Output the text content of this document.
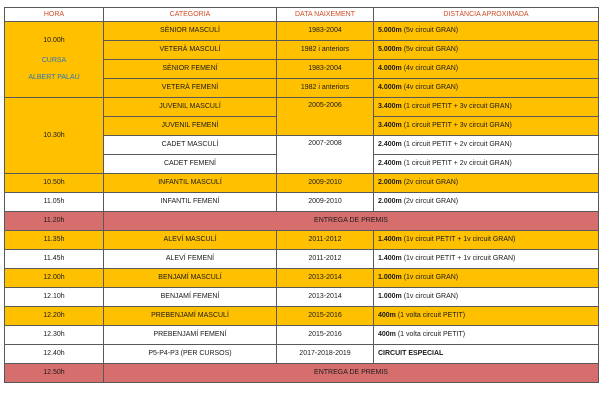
HORA	CATEGORIA	DATA NAIXEMENT	DISTÀNCIA APROXIMADA

10.00h
CURSA
ALBERT PALAU	SÈNIOR MASCULÍ	1983-2004	5.000m (5v circuit GRAN)
	VETERÀ MASCULÍ	1982 i anteriors	5.000m (5v circuit GRAN)
	SÈNIOR FEMENÍ	1983-2004	4.000m (4v circuit GRAN)
	VETERÀ FEMENÍ	1982 i anteriors	4.000m (4v circuit GRAN)
10.30h	JUVENIL MASCULÍ	2005-2006	3.400m (1 circuit PETIT + 3v circuit GRAN)
	JUVENIL FEMENÍ		3.400m (1 circuit PETIT + 3v circuit GRAN)
	CADET MASCULÍ	2007-2008	2.400m (1 circuit PETIT + 2v circuit GRAN)
	CADET FEMENÍ		2.400m (1 circuit PETIT + 2v circuit GRAN)
10.50h	INFANTIL MASCULÍ	2009-2010	2.000m (2v circuit GRAN)
11.05h	INFANTIL FEMENÍ	2009-2010	2.000m (2v circuit GRAN)
11.20h	ENTREGA DE PREMIS		
11.35h	ALEVÍ MASCULÍ	2011-2012	1.400m (1v circuit PETIT + 1v circuit GRAN)
11.45h	ALEVÍ FEMENÍ	2011-2012	1.400m (1v circuit PETIT + 1v circuit GRAN)
12.00h	BENJAMÍ MASCULÍ	2013-2014	1.000m (1v circuit GRAN)
12.10h	BENJAMÍ FEMENÍ	2013-2014	1.000m (1v circuit GRAN)
12.20h	PREBENJAMÍ MASCULÍ	2015-2016	400m (1 volta circuit PETIT)
12.30h	PREBENJAMÍ FEMENÍ	2015-2016	400m (1 volta circuit PETIT)
12.40h	P5-P4-P3 (PER CURSOS)	2017-2018-2019	CIRCUIT ESPECIAL
12.50h	ENTREGA DE PREMIS		
